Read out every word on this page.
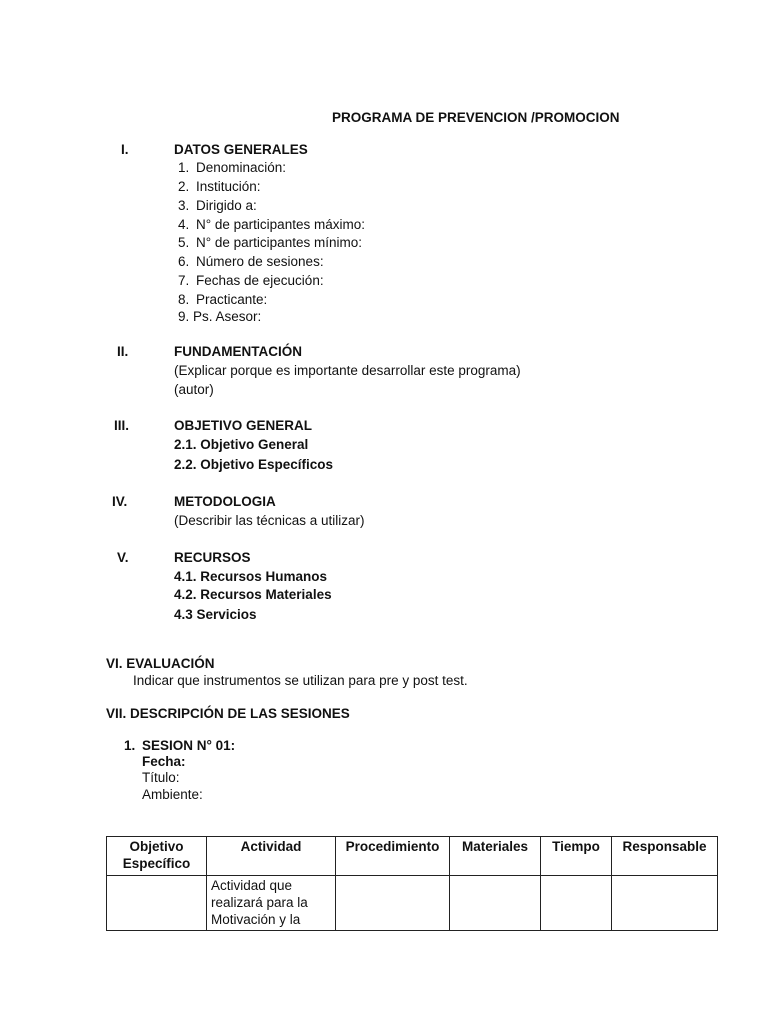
PROGRAMA DE PREVENCION /PROMOCION
I.	DATOS GENERALES
1. Denominación:
2. Institución:
3. Dirigido a:
4. N° de participantes máximo:
5. N° de participantes mínimo:
6. Número de sesiones:
7. Fechas de ejecución:
8. Practicante:
9. Ps. Asesor:
II.	FUNDAMENTACIÓN
(Explicar porque es importante desarrollar este programa)
(autor)
III.	OBJETIVO GENERAL
2.1. Objetivo General
2.2. Objetivo Específicos
IV.	METODOLOGIA
(Describir las técnicas a utilizar)
V.	RECURSOS
4.1. Recursos Humanos
4.2. Recursos Materiales
4.3 Servicios
VI. EVALUACIÓN
Indicar que instrumentos se utilizan para pre y post test.
VII. DESCRIPCIÓN DE LAS SESIONES
1. SESION N° 01:
Fecha:
Título:
Ambiente:
Objetivo Específico	Actividad	Procedimiento	Materiales	Tiempo	Responsable
	Actividad que realizará para la Motivación y la				
